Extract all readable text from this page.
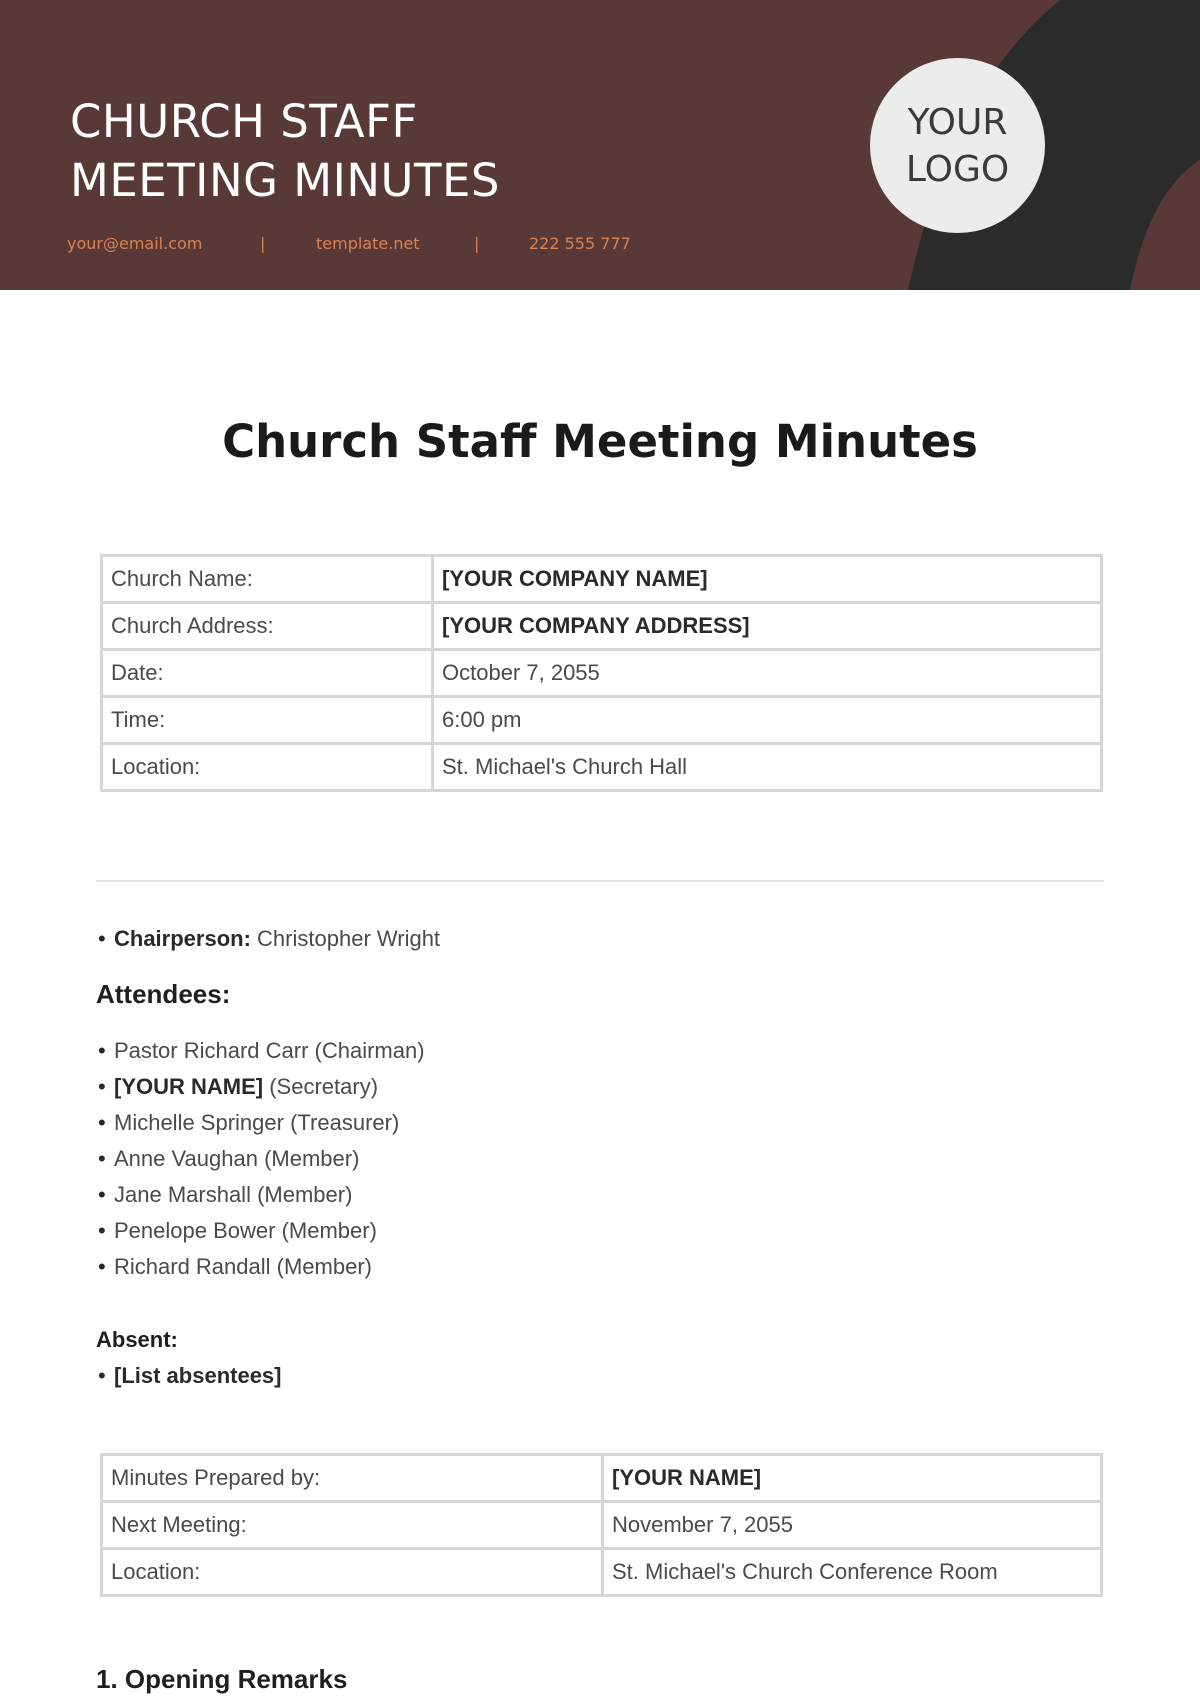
CHURCH STAFF
MEETING MINUTES
your@email.com	|	template.net	|	222 555 777
YOUR
LOGO
Church Staff Meeting Minutes
Church Name:	[YOUR COMPANY NAME]
Church Address:	[YOUR COMPANY ADDRESS]
Date:	October 7, 2055
Time:	6:00 pm
Location:	St. Michael's Church Hall
• Chairperson: Christopher Wright
Attendees:
• Pastor Richard Carr (Chairman)
• [YOUR NAME] (Secretary)
• Michelle Springer (Treasurer)
• Anne Vaughan (Member)
• Jane Marshall (Member)
• Penelope Bower (Member)
• Richard Randall (Member)
Absent:
• [List absentees]
Minutes Prepared by:	[YOUR NAME]
Next Meeting:	November 7, 2055
Location:	St. Michael's Church Conference Room
1. Opening Remarks
